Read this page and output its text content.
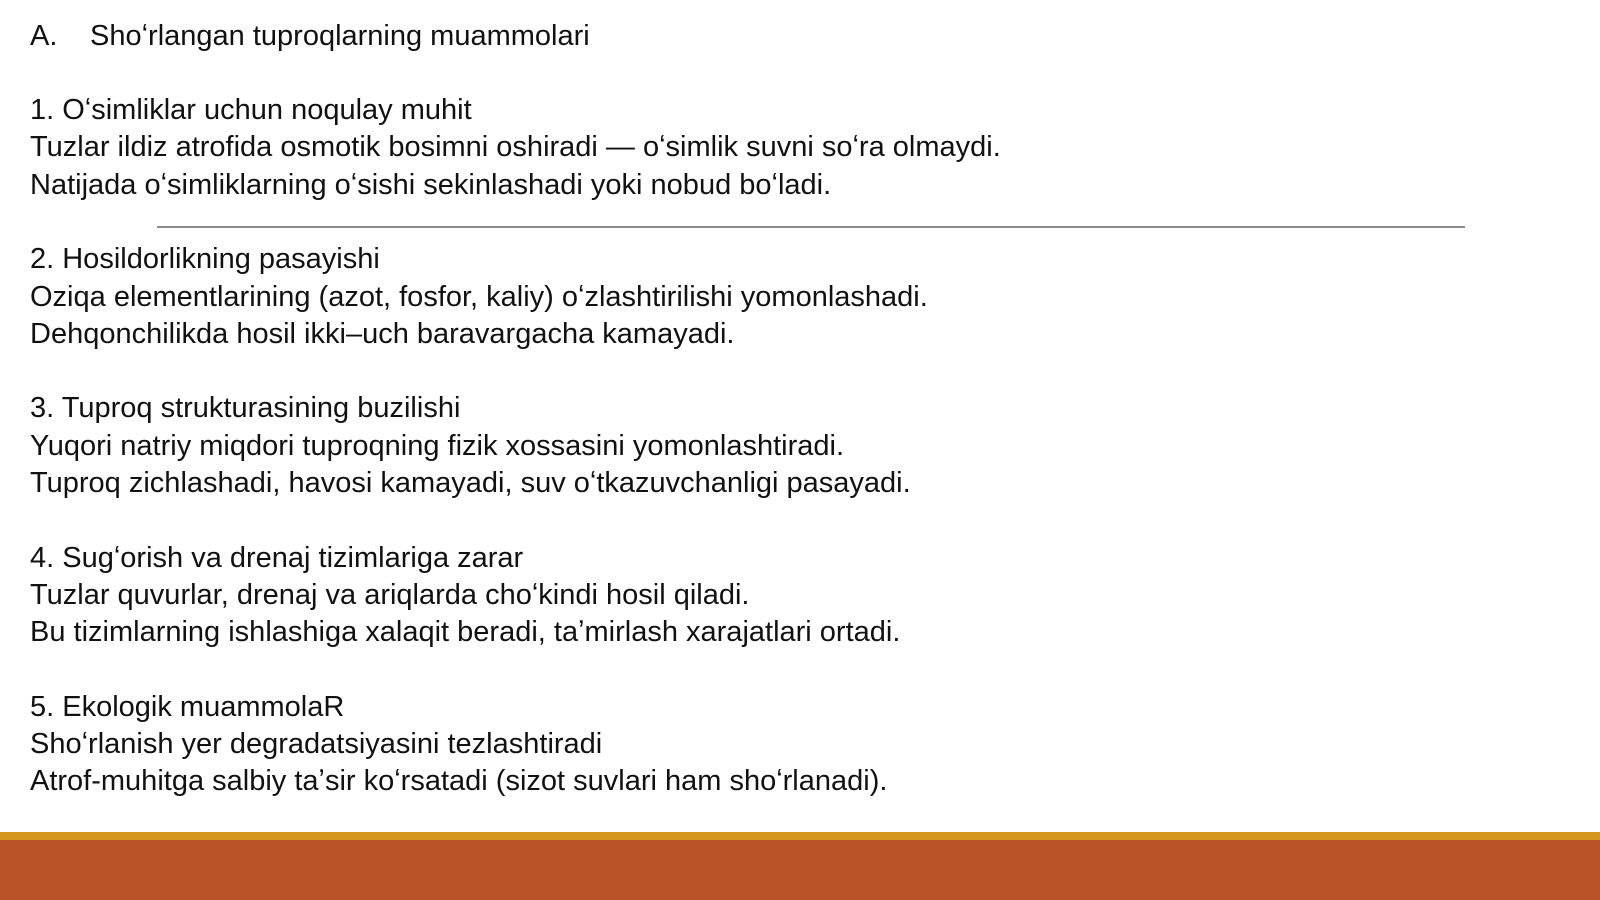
A.	Shoʻrlangan tuproqlarning muammolari
1. Oʻsimliklar uchun noqulay muhit
Tuzlar ildiz atrofida osmotik bosimni oshiradi — oʻsimlik suvni soʻra olmaydi.
Natijada oʻsimliklarning oʻsishi sekinlashadi yoki nobud boʻladi.
2. Hosildorlikning pasayishi
Oziqa elementlarining (azot, fosfor, kaliy) oʻzlashtirilishi yomonlashadi.
Dehqonchilikda hosil ikki–uch baravargacha kamayadi.
3. Tuproq strukturasining buzilishi
Yuqori natriy miqdori tuproqning fizik xossasini yomonlashtiradi.
Tuproq zichlashadi, havosi kamayadi, suv oʻtkazuvchanligi pasayadi.
4. Sugʻorish va drenaj tizimlariga zarar
Tuzlar quvurlar, drenaj va ariqlarda choʻkindi hosil qiladi.
Bu tizimlarning ishlashiga xalaqit beradi, taʼmirlash xarajatlari ortadi.
5. Ekologik muammolaR
Shoʻrlanish yer degradatsiyasini tezlashtiradi
Atrof-muhitga salbiy taʼsir koʻrsatadi (sizot suvlari ham shoʻrlanadi).
